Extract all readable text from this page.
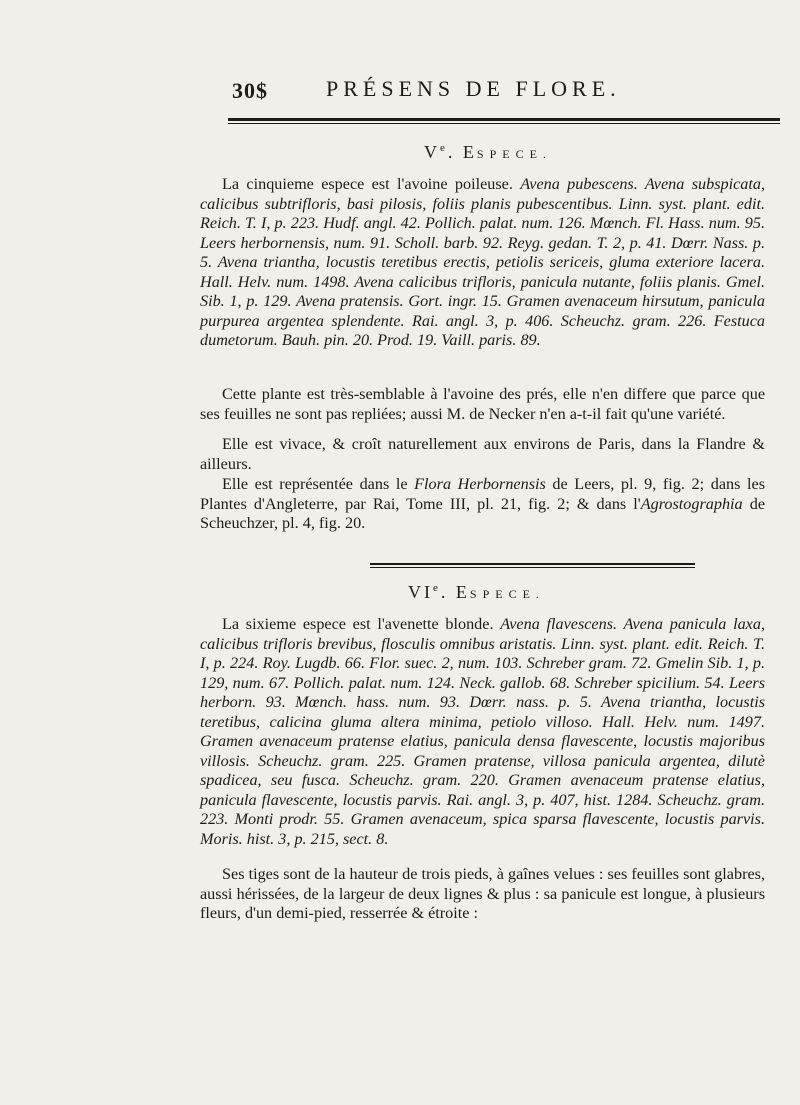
30$	PRÉSENS DE FLORE.
Ve. ESPECE.

La cinquieme espece est l'avoine poileuse. Avena pubescens. Avena subspicata, calicibus subtrifloris, basi pilosis, foliis planis pubescentibus. Linn. syst. plant. edit. Reich. T. I, p. 223. Hudf. angl. 42. Pollich. palat. num. 126. Mœnch. Fl. Hass. num. 95. Leers herbornensis, num. 91. Scholl. barb. 92. Reyg. gedan. T. 2, p. 41. Dœrr. Nass. p. 5. Avena triantha, locustis teretibus erectis, petiolis sericeis, gluma exteriore lacera. Hall. Helv. num. 1498. Avena calicibus trifloris, panicula nutante, foliis planis. Gmel. Sib. 1, p. 129. Avena pratensis. Gort. ingr. 15. Gramen avenaceum hirsutum, panicula purpurea argentea splendente. Rai. angl. 3, p. 406. Scheuchz. gram. 226. Festuca dumetorum. Bauh. pin. 20. Prod. 19. Vaill. paris. 89.

Cette plante est très-semblable à l'avoine des prés, elle n'en differe que parce que ses feuilles ne sont pas repliées; aussi M. de Necker n'en a-t-il fait qu'une variété.

Elle est vivace, & croît naturellement aux environs de Paris, dans la Flandre & ailleurs.

Elle est représentée dans le Flora Herbornensis de Leers, pl. 9, fig. 2; dans les Plantes d'Angleterre, par Rai, Tome III, pl. 21, fig. 2; & dans l'Agrostographia de Scheuchzer, pl. 4, fig. 20.

VIe. ESPECE.

La sixieme espece est l'avenette blonde. Avena flavescens. Avena panicula laxa, calicibus trifloris brevibus, flosculis omnibus aristatis. Linn. syst. plant. edit. Reich. T. I, p. 224. Roy. Lugdb. 66. Flor. suec. 2, num. 103. Schreber gram. 72. Gmelin Sib. 1, p. 129, num. 67. Pollich. palat. num. 124. Neck. gallob. 68. Schreber spicilium. 54. Leers herborn. 93. Mœnch. hass. num. 93. Dœrr. nass. p. 5. Avena triantha, locustis teretibus, calicina gluma altera minima, petiolo villoso. Hall. Helv. num. 1497. Gramen avenaceum pratense elatius, panicula densa flavescente, locustis majoribus villosis. Scheuchz. gram. 225. Gramen pratense, villosa panicula argentea, dilutè spadicea, seu fusca. Scheuchz. gram. 220. Gramen avenaceum pratense elatius, panicula flavescente, locustis parvis. Rai. angl. 3, p. 407, hist. 1284. Scheuchz. gram. 223. Monti prodr. 55. Gramen avenaceum, spica sparsa flavescente, locustis parvis. Moris. hist. 3, p. 215, sect. 8.

Ses tiges sont de la hauteur de trois pieds, à gaînes velues : ses feuilles sont glabres, aussi hérissées, de la largeur de deux lignes & plus : sa panicule est longue, à plusieurs fleurs, d'un demi-pied, resserrée & étroite :
